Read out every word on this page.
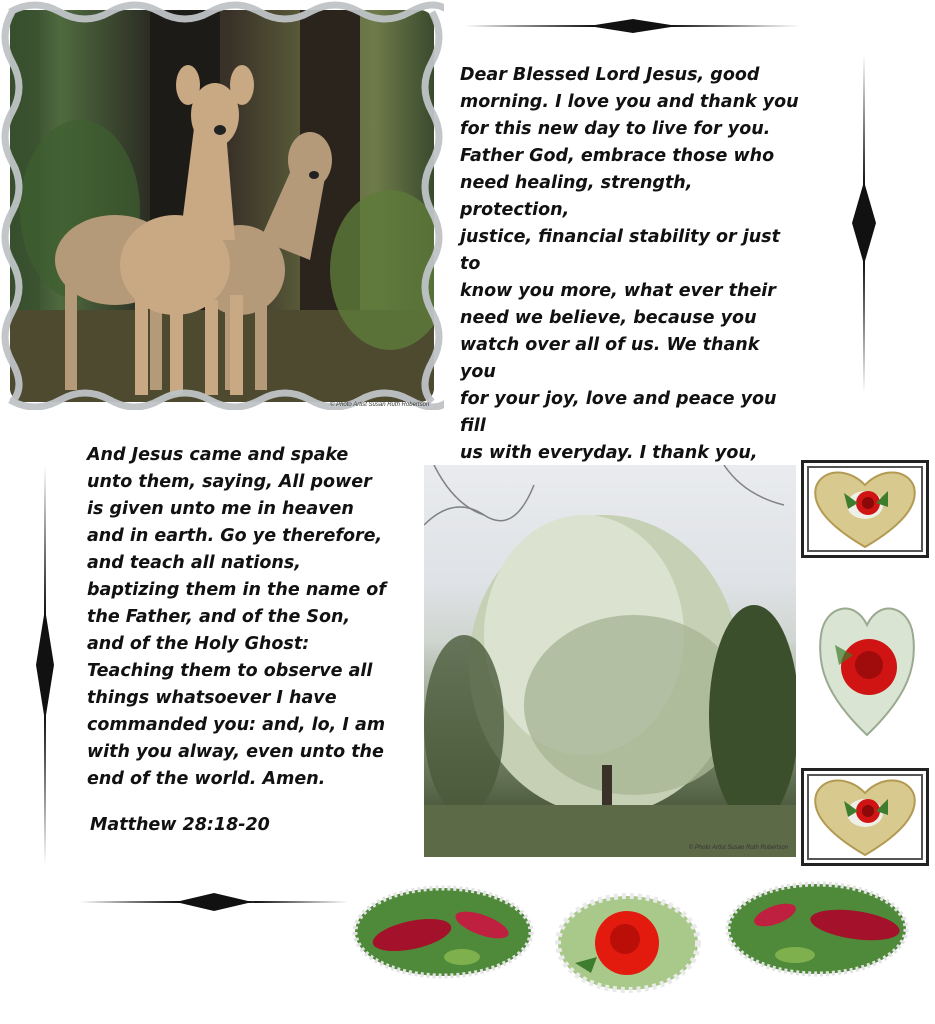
© Photo Artist Susan Ruth Robertson
Dear Blessed Lord Jesus, good
morning. I love you and thank you
for this new day to live for you.
Father God, embrace those who
need healing, strength, protection,
justice, financial stability or just to
know you more, what ever their
need we believe, because you
watch over all of us. We thank you
for your joy, love and peace you fill
us with everyday. I thank you,

And Jesus came and spake
unto them, saying, All power
is given unto me in heaven
and in earth. Go ye therefore,
and teach all nations,
baptizing them in the name of
the Father, and of the Son,
and of the Holy Ghost:
Teaching them to observe all
things whatsoever I have
commanded you: and, lo, I am
with you alway, even unto the
end of the world. Amen.
Matthew 28:18-20
© Photo Artist Susan Ruth Robertson
